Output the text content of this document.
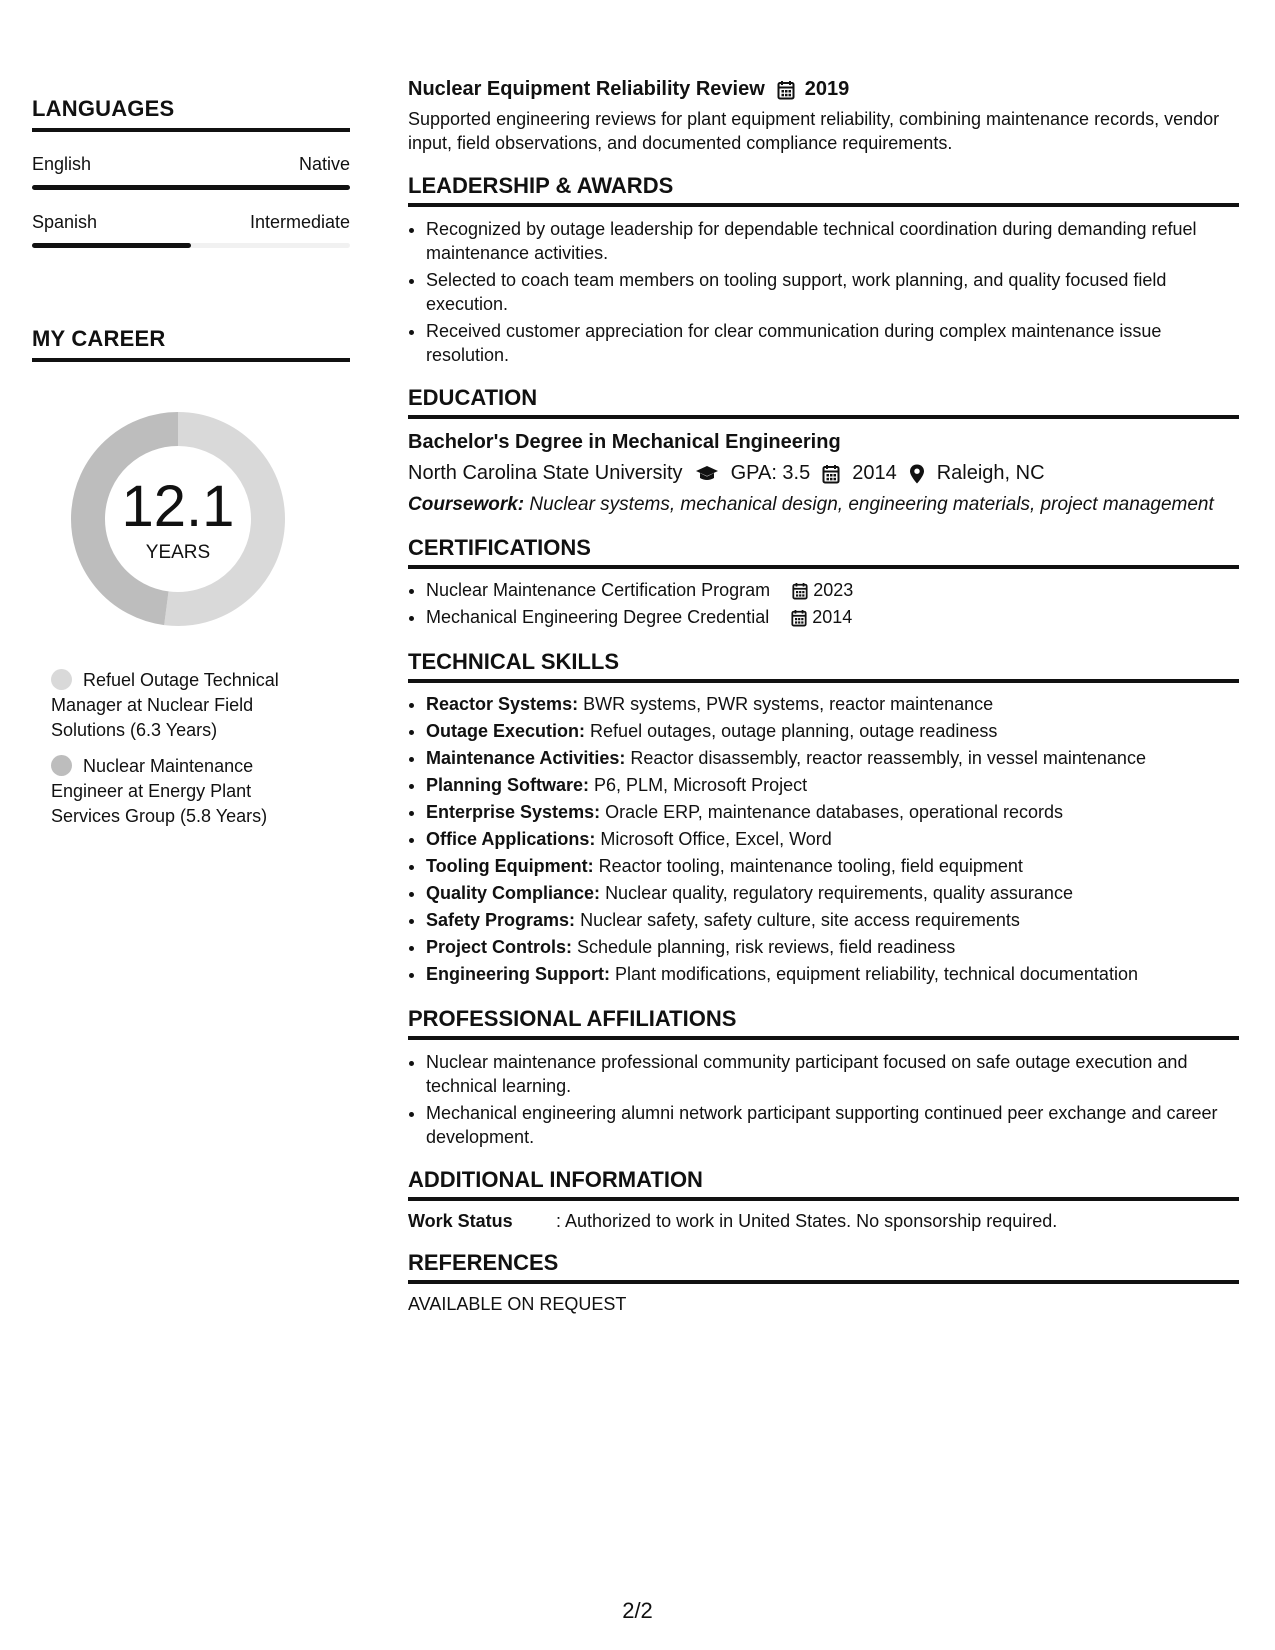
LANGUAGES
English	Native
Spanish	Intermediate
MY CAREER
12.1
YEARS
Refuel Outage Technical Manager at Nuclear Field Solutions (6.3 Years)
Nuclear Maintenance Engineer at Energy Plant Services Group (5.8 Years)
Nuclear Equipment Reliability Review 2019
Supported engineering reviews for plant equipment reliability, combining maintenance records, vendor input, field observations, and documented compliance requirements.
LEADERSHIP & AWARDS
• Recognized by outage leadership for dependable technical coordination during demanding refuel maintenance activities.
• Selected to coach team members on tooling support, work planning, and quality focused field execution.
• Received customer appreciation for clear communication during complex maintenance issue resolution.
EDUCATION
Bachelor's Degree in Mechanical Engineering
North Carolina State University GPA: 3.5 2014 Raleigh, NC
Coursework: Nuclear systems, mechanical design, engineering materials, project management
CERTIFICATIONS
• Nuclear Maintenance Certification Program 2023
• Mechanical Engineering Degree Credential 2014
TECHNICAL SKILLS
• Reactor Systems: BWR systems, PWR systems, reactor maintenance
• Outage Execution: Refuel outages, outage planning, outage readiness
• Maintenance Activities: Reactor disassembly, reactor reassembly, in vessel maintenance
• Planning Software: P6, PLM, Microsoft Project
• Enterprise Systems: Oracle ERP, maintenance databases, operational records
• Office Applications: Microsoft Office, Excel, Word
• Tooling Equipment: Reactor tooling, maintenance tooling, field equipment
• Quality Compliance: Nuclear quality, regulatory requirements, quality assurance
• Safety Programs: Nuclear safety, safety culture, site access requirements
• Project Controls: Schedule planning, risk reviews, field readiness
• Engineering Support: Plant modifications, equipment reliability, technical documentation
PROFESSIONAL AFFILIATIONS
• Nuclear maintenance professional community participant focused on safe outage execution and technical learning.
• Mechanical engineering alumni network participant supporting continued peer exchange and career development.
ADDITIONAL INFORMATION
Work Status	: Authorized to work in United States. No sponsorship required.
REFERENCES
AVAILABLE ON REQUEST
2/2
